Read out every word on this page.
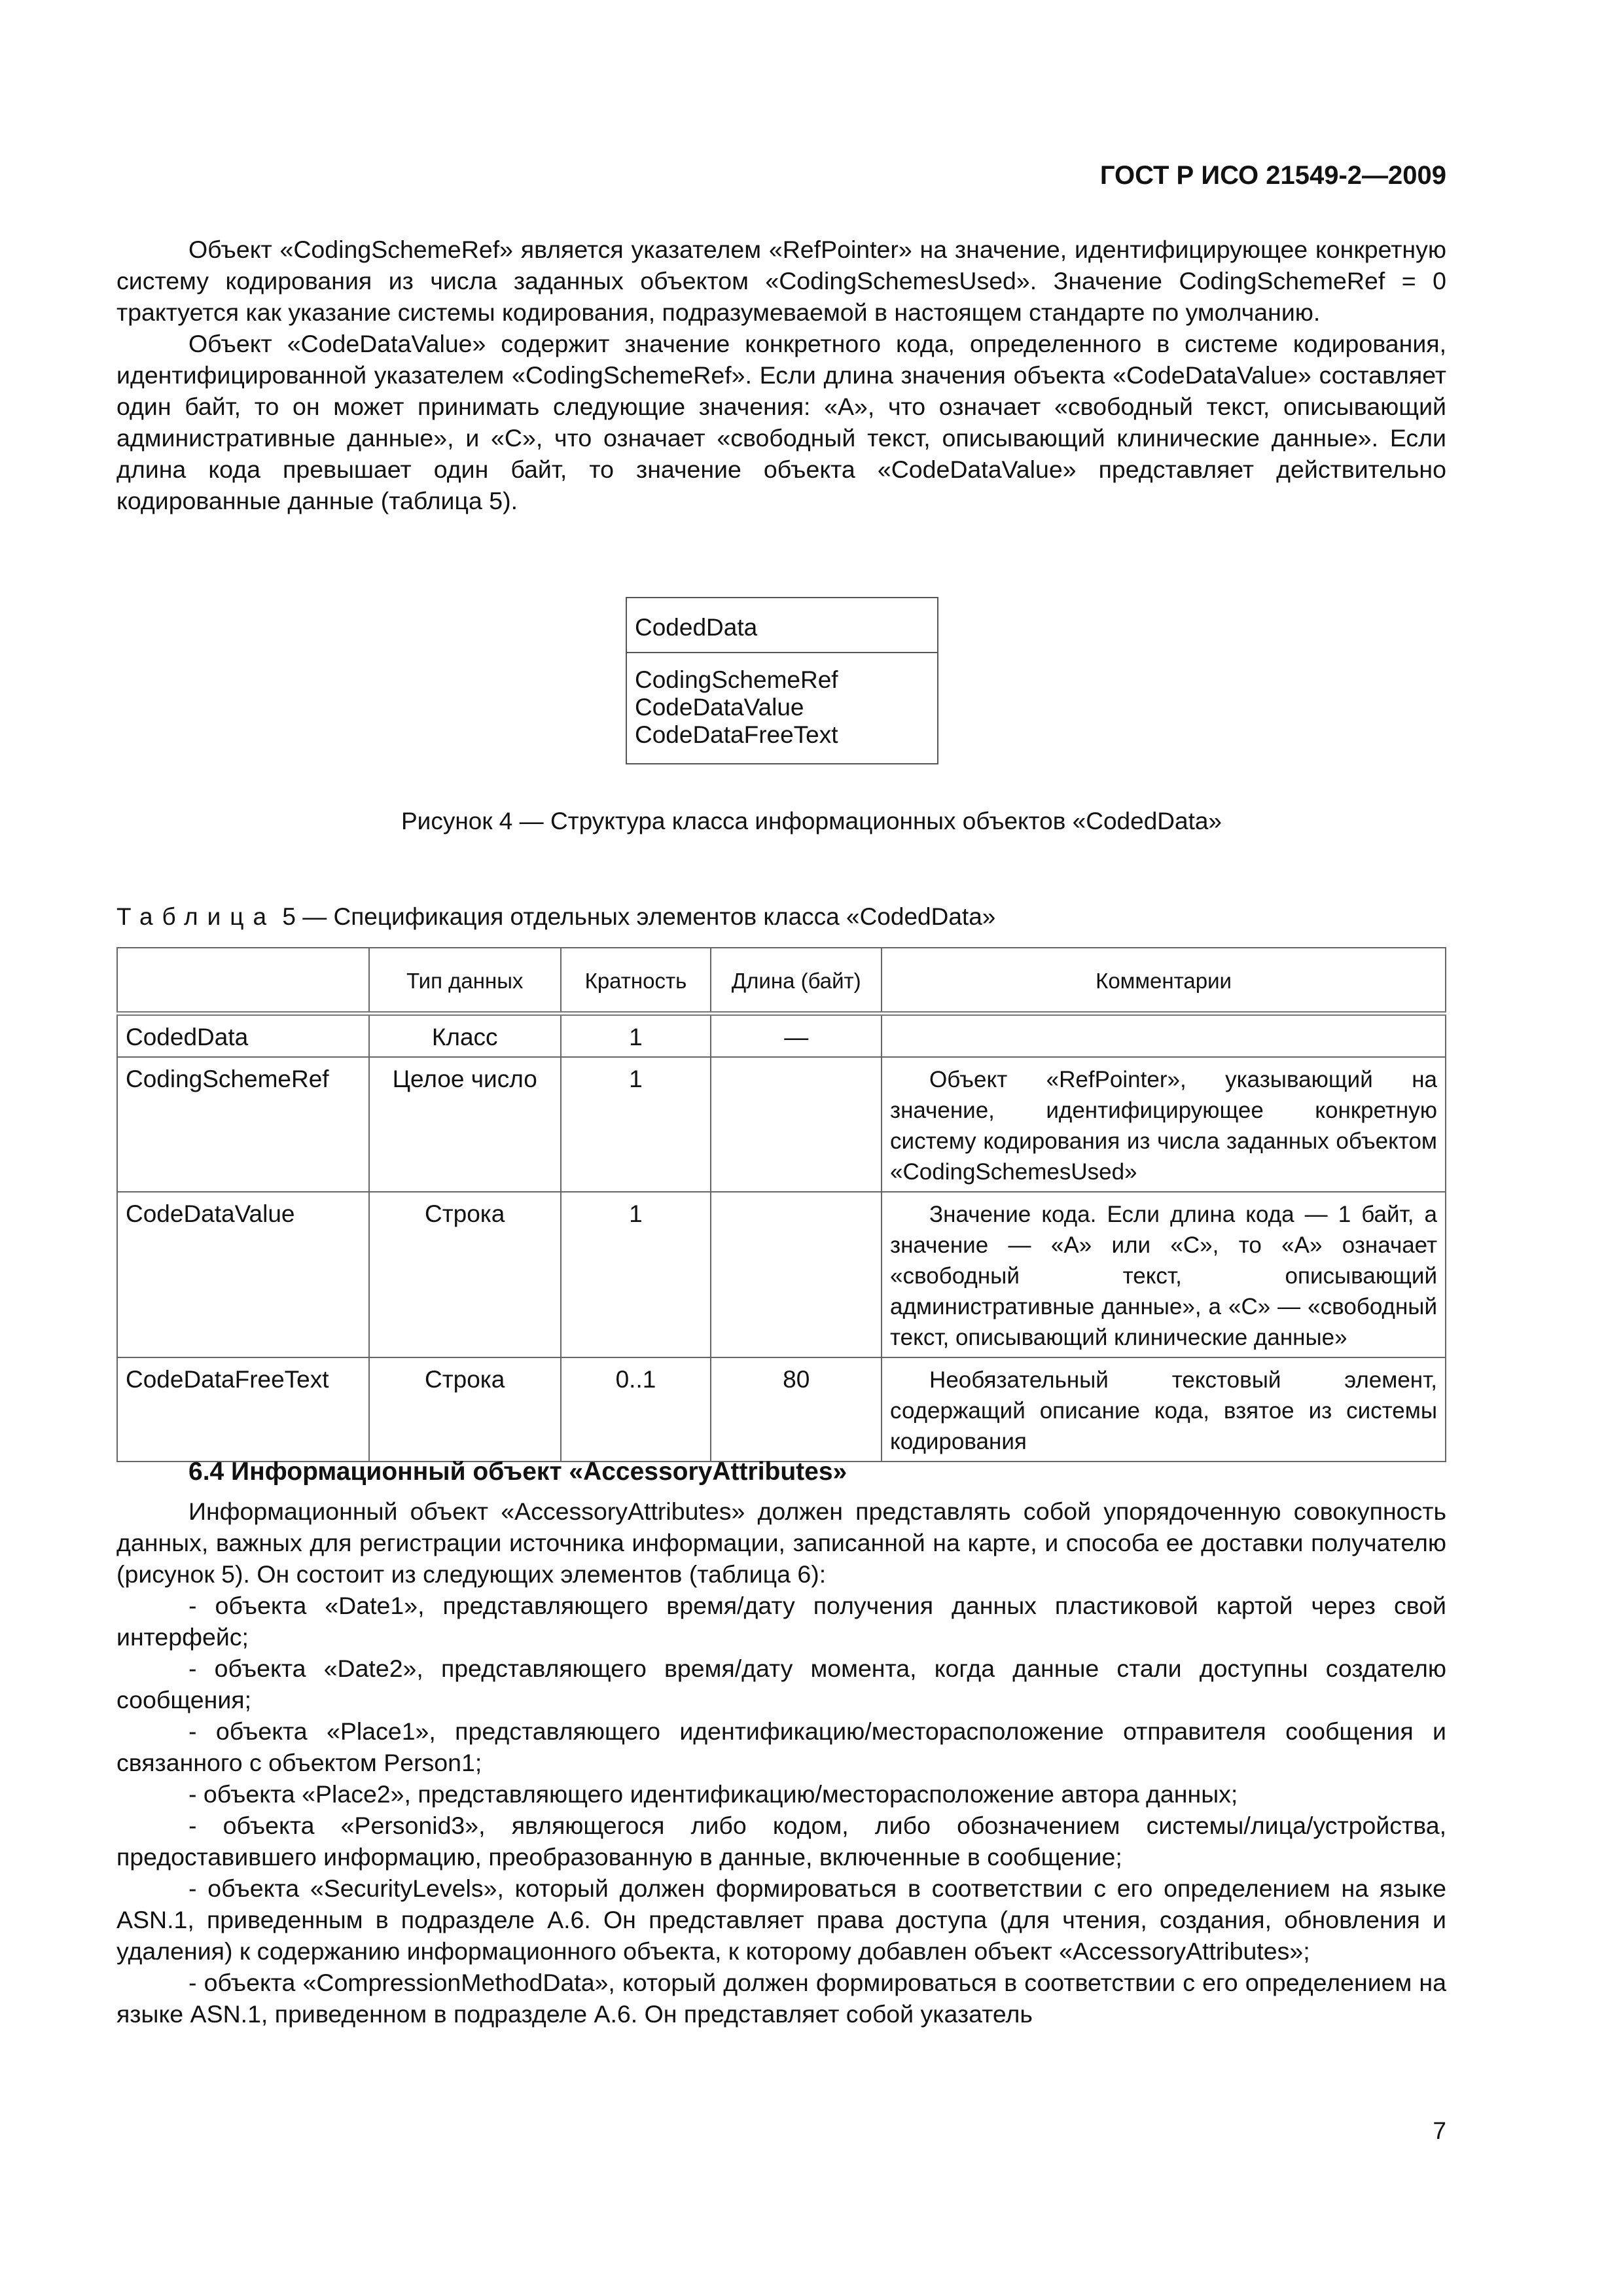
ГОСТ Р ИСО 21549-2—2009

Объект «CodingSchemeRef» является указателем «RefPointer» на значение, идентифицирующее конкретную систему кодирования из числа заданных объектом «CodingSchemesUsed». Значение CodingSchemeRef = 0 трактуется как указание системы кодирования, подразумеваемой в настоящем стандарте по умолчанию.

Объект «CodeDataValue» содержит значение конкретного кода, определенного в системе кодирования, идентифицированной указателем «CodingSchemeRef». Если длина значения объекта «CodeDataValue» составляет один байт, то он может принимать следующие значения: «A», что означает «свободный текст, описывающий административные данные», и «C», что означает «свободный текст, описывающий клинические данные». Если длина кода превышает один байт, то значение объекта «CodeDataValue» представляет действительно кодированные данные (таблица 5).

CodedData
CodingSchemeRef
CodeDataValue
CodeDataFreeText
Рисунок 4 — Структура класса информационных объектов «CodedData»
Таблица 5 — Спецификация отдельных элементов класса «CodedData»
	Тип данных	Кратность	Длина (байт)	Комментарии
CodedData	Класс	1	—	
CodingSchemeRef	Целое число	1		Объект «RefPointer», указывающий на значение, идентифицирующее конкретную систему кодирования из числа заданных объектом «CodingSchemesUsed»
CodeDataValue	Строка	1		Значение кода. Если длина кода — 1 байт, а значение — «A» или «C», то «A» означает «свободный текст, описывающий административные данные», а «C» — «свободный текст, описывающий клинические данные»
CodeDataFreeText	Строка	0..1	80	Необязательный текстовый элемент, содержащий описание кода, взятое из системы кодирования
6.4 Информационный объект «AccessoryAttributes»

Информационный объект «AccessoryAttributes» должен представлять собой упорядоченную совокупность данных, важных для регистрации источника информации, записанной на карте, и способа ее доставки получателю (рисунок 5). Он состоит из следующих элементов (таблица 6):

- объекта «Date1», представляющего время/дату получения данных пластиковой картой через свой интерфейс;

- объекта «Date2», представляющего время/дату момента, когда данные стали доступны создателю сообщения;

- объекта «Place1», представляющего идентификацию/месторасположение отправителя сообщения и связанного с объектом Person1;

- объекта «Place2», представляющего идентификацию/месторасположение автора данных;

- объекта «Personid3», являющегося либо кодом, либо обозначением системы/лица/устройства, предоставившего информацию, преобразованную в данные, включенные в сообщение;

- объекта «SecurityLevels», который должен формироваться в соответствии с его определением на языке ASN.1, приведенным в подразделе A.6. Он представляет права доступа (для чтения, создания, обновления и удаления) к содержанию информационного объекта, к которому добавлен объект «AccessoryAttributes»;

- объекта «CompressionMethodData», который должен формироваться в соответствии с его определением на языке ASN.1, приведенном в подразделе A.6. Он представляет собой указатель

7
